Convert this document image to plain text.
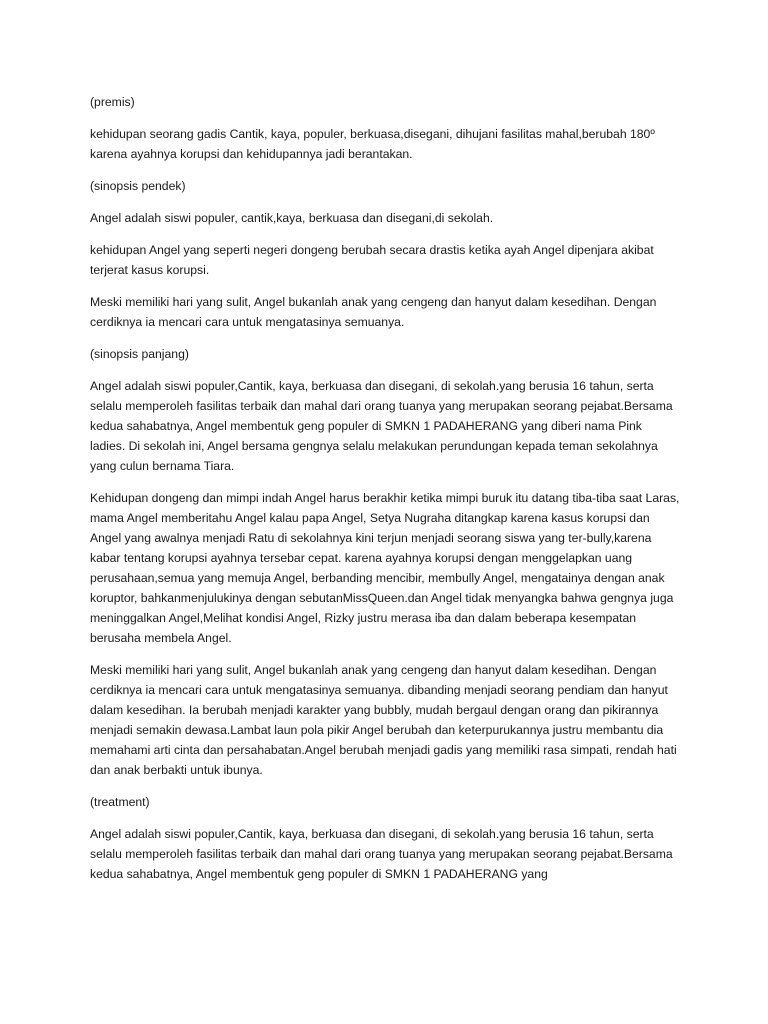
(premis)

kehidupan seorang gadis Cantik, kaya, populer, berkuasa,disegani, dihujani fasilitas mahal,berubah 180º karena ayahnya korupsi dan kehidupannya jadi berantakan.

(sinopsis pendek)

Angel adalah siswi populer, cantik,kaya, berkuasa dan disegani,di sekolah.

kehidupan Angel yang seperti negeri dongeng berubah secara drastis ketika ayah Angel dipenjara akibat terjerat kasus korupsi.

Meski memiliki hari yang sulit, Angel bukanlah anak yang cengeng dan hanyut dalam kesedihan. Dengan cerdiknya ia mencari cara untuk mengatasinya semuanya.

(sinopsis panjang)

Angel adalah siswi populer,Cantik, kaya, berkuasa dan disegani, di sekolah.yang berusia 16 tahun, serta selalu memperoleh fasilitas terbaik dan mahal dari orang tuanya yang merupakan seorang pejabat.Bersama kedua sahabatnya, Angel membentuk geng populer di SMKN 1 PADAHERANG yang diberi nama Pink ladies. Di sekolah ini, Angel bersama gengnya selalu melakukan perundungan kepada teman sekolahnya yang culun bernama Tiara.

Kehidupan dongeng dan mimpi indah Angel harus berakhir ketika mimpi buruk itu datang tiba-tiba saat Laras, mama Angel memberitahu Angel kalau papa Angel, Setya Nugraha ditangkap karena kasus korupsi dan Angel yang awalnya menjadi Ratu di sekolahnya kini terjun menjadi seorang siswa yang ter-bully,karena kabar tentang korupsi ayahnya tersebar cepat. karena ayahnya korupsi dengan menggelapkan uang perusahaan,semua yang memuja Angel, berbanding mencibir, membully Angel, mengatainya dengan anak koruptor, bahkanmenjulukinya dengan sebutanMissQueen.dan Angel tidak menyangka bahwa gengnya juga meninggalkan Angel,Melihat kondisi Angel, Rizky justru merasa iba dan dalam beberapa kesempatan berusaha membela Angel.

Meski memiliki hari yang sulit, Angel bukanlah anak yang cengeng dan hanyut dalam kesedihan. Dengan cerdiknya ia mencari cara untuk mengatasinya semuanya. dibanding menjadi seorang pendiam dan hanyut dalam kesedihan. Ia berubah menjadi karakter yang bubbly, mudah bergaul dengan orang dan pikirannya menjadi semakin dewasa.Lambat laun pola pikir Angel berubah dan keterpurukannya justru membantu dia memahami arti cinta dan persahabatan.Angel berubah menjadi gadis yang memiliki rasa simpati, rendah hati dan anak berbakti untuk ibunya.

(treatment)

Angel adalah siswi populer,Cantik, kaya, berkuasa dan disegani, di sekolah.yang berusia 16 tahun, serta selalu memperoleh fasilitas terbaik dan mahal dari orang tuanya yang merupakan seorang pejabat.Bersama kedua sahabatnya, Angel membentuk geng populer di SMKN 1 PADAHERANG yang
